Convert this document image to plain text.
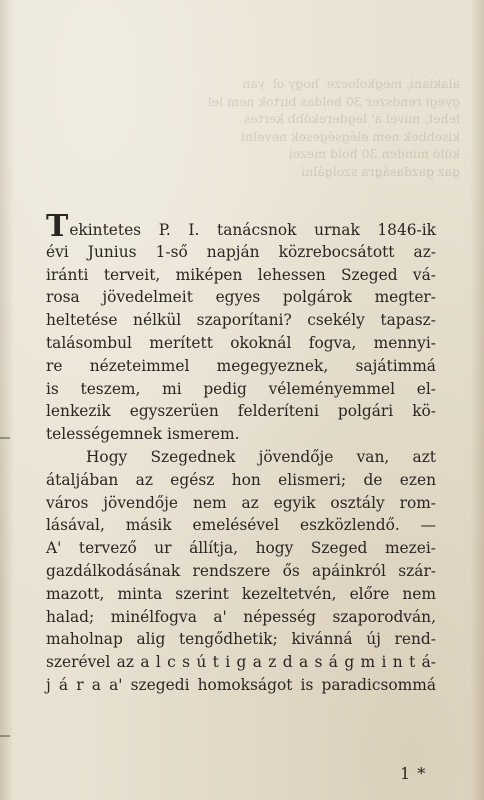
alakiani, megkoloeze  hogy ol  yan
gyegi rendszer 30 holdas birtok nem lel
lehet, mivel a' legdereköbb kertes
kisebbek nem elégségesek nevelni
külö minden 30 hold mezei
gaz gazdaságra szolgálni
Tekintetes P. I. tanácsnok urnak 1846-ik
évi Junius 1-ső napján közrebocsátott az-
iránti terveit, miképen lehessen Szeged vá-
rosa jövedelmeit egyes polgárok megter-
heltetése nélkül szaporítani? csekély tapasz-
talásombul merített okoknál fogva, mennyi-
re nézeteimmel megegyeznek, sajátimmá
is teszem, mi pedig véleményemmel el-
lenkezik egyszerüen felderíteni polgári kö-
telességemnek ismerem.
Hogy Szegednek jövendője van, azt
átaljában az egész hon elismeri; de ezen
város jövendője nem az egyik osztály rom-
lásával, másik emelésével eszközlendő. —
A' tervező ur állítja, hogy Szeged mezei-
gazdálkodásának rendszere ős apáinkról szár-
mazott, minta szerint kezeltetvén, előre nem
halad; minélfogva a' népesség szaporodván,
maholnap alig tengődhetik; kivánná új rend-
szerével az a l c s ú t i g a z d a s á g m i n t á-
j á r a a' szegedi homokságot is paradicsommá
1 *
